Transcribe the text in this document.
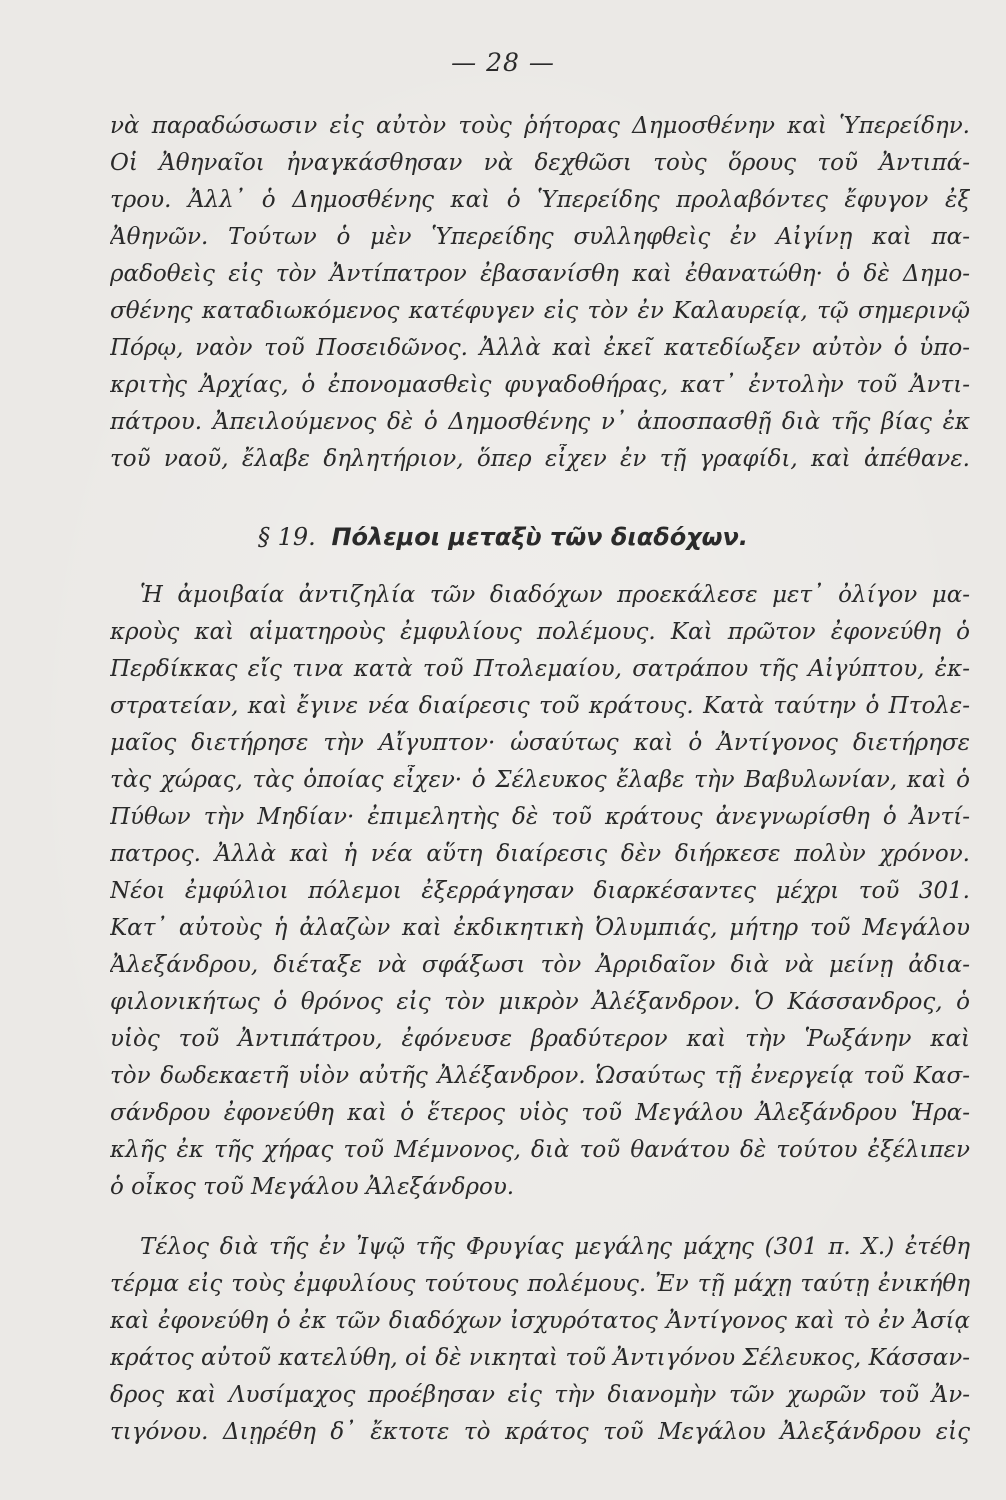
— 28 —
νὰ παραδώσωσιν εἰς αὐτὸν τοὺς ῥήτορας Δημοσθένην καὶ Ὑπερείδην.
Οἱ Ἀθηναῖοι ἠναγκάσθησαν νὰ δεχθῶσι τοὺς ὅρους τοῦ Ἀντιπά-
τρου. Ἀλλ᾽ ὁ Δημοσθένης καὶ ὁ Ὑπερείδης προλαβόντες ἔφυγον ἐξ
Ἀθηνῶν. Τούτων ὁ μὲν Ὑπερείδης συλληφθεὶς ἐν Αἰγίνῃ καὶ πα-
ραδοθεὶς εἰς τὸν Ἀντίπατρον ἐβασανίσθη καὶ ἐθανατώθη· ὁ δὲ Δημο-
σθένης καταδιωκόμενος κατέφυγεν εἰς τὸν ἐν Καλαυρείᾳ, τῷ σημερινῷ
Πόρῳ, ναὸν τοῦ Ποσειδῶνος. Ἀλλὰ καὶ ἐκεῖ κατεδίωξεν αὐτὸν ὁ ὑπο-
κριτὴς Ἀρχίας, ὁ ἐπονομασθεὶς φυγαδοθήρας, κατ᾽ ἐντολὴν τοῦ Ἀντι-
πάτρου. Ἀπειλούμενος δὲ ὁ Δημοσθένης ν᾽ ἀποσπασθῇ διὰ τῆς βίας ἐκ
τοῦ ναοῦ, ἔλαβε δηλητήριον, ὅπερ εἶχεν ἐν τῇ γραφίδι, καὶ ἀπέθανε.
§ 19. Πόλεμοι μεταξὺ τῶν διαδόχων.
Ἡ ἀμοιβαία ἀντιζηλία τῶν διαδόχων προεκάλεσε μετ᾽ ὀλίγον μα-
κροὺς καὶ αἱματηροὺς ἐμφυλίους πολέμους. Καὶ πρῶτον ἐφονεύθη ὁ
Περδίκκας εἴς τινα κατὰ τοῦ Πτολεμαίου, σατράπου τῆς Αἰγύπτου, ἐκ-
στρατείαν, καὶ ἔγινε νέα διαίρεσις τοῦ κράτους. Κατὰ ταύτην ὁ Πτολε-
μαῖος διετήρησε τὴν Αἴγυπτον· ὡσαύτως καὶ ὁ Ἀντίγονος διετήρησε
τὰς χώρας, τὰς ὁποίας εἶχεν· ὁ Σέλευκος ἔλαβε τὴν Βαβυλωνίαν, καὶ ὁ
Πύθων τὴν Μηδίαν· ἐπιμελητὴς δὲ τοῦ κράτους ἀνεγνωρίσθη ὁ Ἀντί-
πατρος. Ἀλλὰ καὶ ἡ νέα αὕτη διαίρεσις δὲν διήρκεσε πολὺν χρόνον.
Νέοι ἐμφύλιοι πόλεμοι ἐξερράγησαν διαρκέσαντες μέχρι τοῦ 301.
Κατ᾽ αὐτοὺς ἡ ἀλαζὼν καὶ ἐκδικητικὴ Ὀλυμπιάς, μήτηρ τοῦ Μεγάλου
Ἀλεξάνδρου, διέταξε νὰ σφάξωσι τὸν Ἀρριδαῖον διὰ νὰ μείνῃ ἀδια-
φιλονικήτως ὁ θρόνος εἰς τὸν μικρὸν Ἀλέξανδρον. Ὁ Κάσσανδρος, ὁ
υἱὸς τοῦ Ἀντιπάτρου, ἐφόνευσε βραδύτερον καὶ τὴν Ῥωξάνην καὶ
τὸν δωδεκαετῆ υἱὸν αὐτῆς Ἀλέξανδρον. Ὡσαύτως τῇ ἐνεργείᾳ τοῦ Κασ-
σάνδρου ἐφονεύθη καὶ ὁ ἕτερος υἱὸς τοῦ Μεγάλου Ἀλεξάνδρου Ἡρα-
κλῆς ἐκ τῆς χήρας τοῦ Μέμνονος, διὰ τοῦ θανάτου δὲ τούτου ἐξέλιπεν
ὁ οἶκος τοῦ Μεγάλου Ἀλεξάνδρου.
Τέλος διὰ τῆς ἐν Ἰψῷ τῆς Φρυγίας μεγάλης μάχης (301 π. Χ.) ἐτέθη
τέρμα εἰς τοὺς ἐμφυλίους τούτους πολέμους. Ἐν τῇ μάχῃ ταύτῃ ἐνικήθη
καὶ ἐφονεύθη ὁ ἐκ τῶν διαδόχων ἰσχυρότατος Ἀντίγονος καὶ τὸ ἐν Ἀσίᾳ
κράτος αὐτοῦ κατελύθη, οἱ δὲ νικηταὶ τοῦ Ἀντιγόνου Σέλευκος, Κάσσαν-
δρος καὶ Λυσίμαχος προέβησαν εἰς τὴν διανομὴν τῶν χωρῶν τοῦ Ἀν-
τιγόνου. Διῃρέθη δ᾽ ἔκτοτε τὸ κράτος τοῦ Μεγάλου Ἀλεξάνδρου εἰς
